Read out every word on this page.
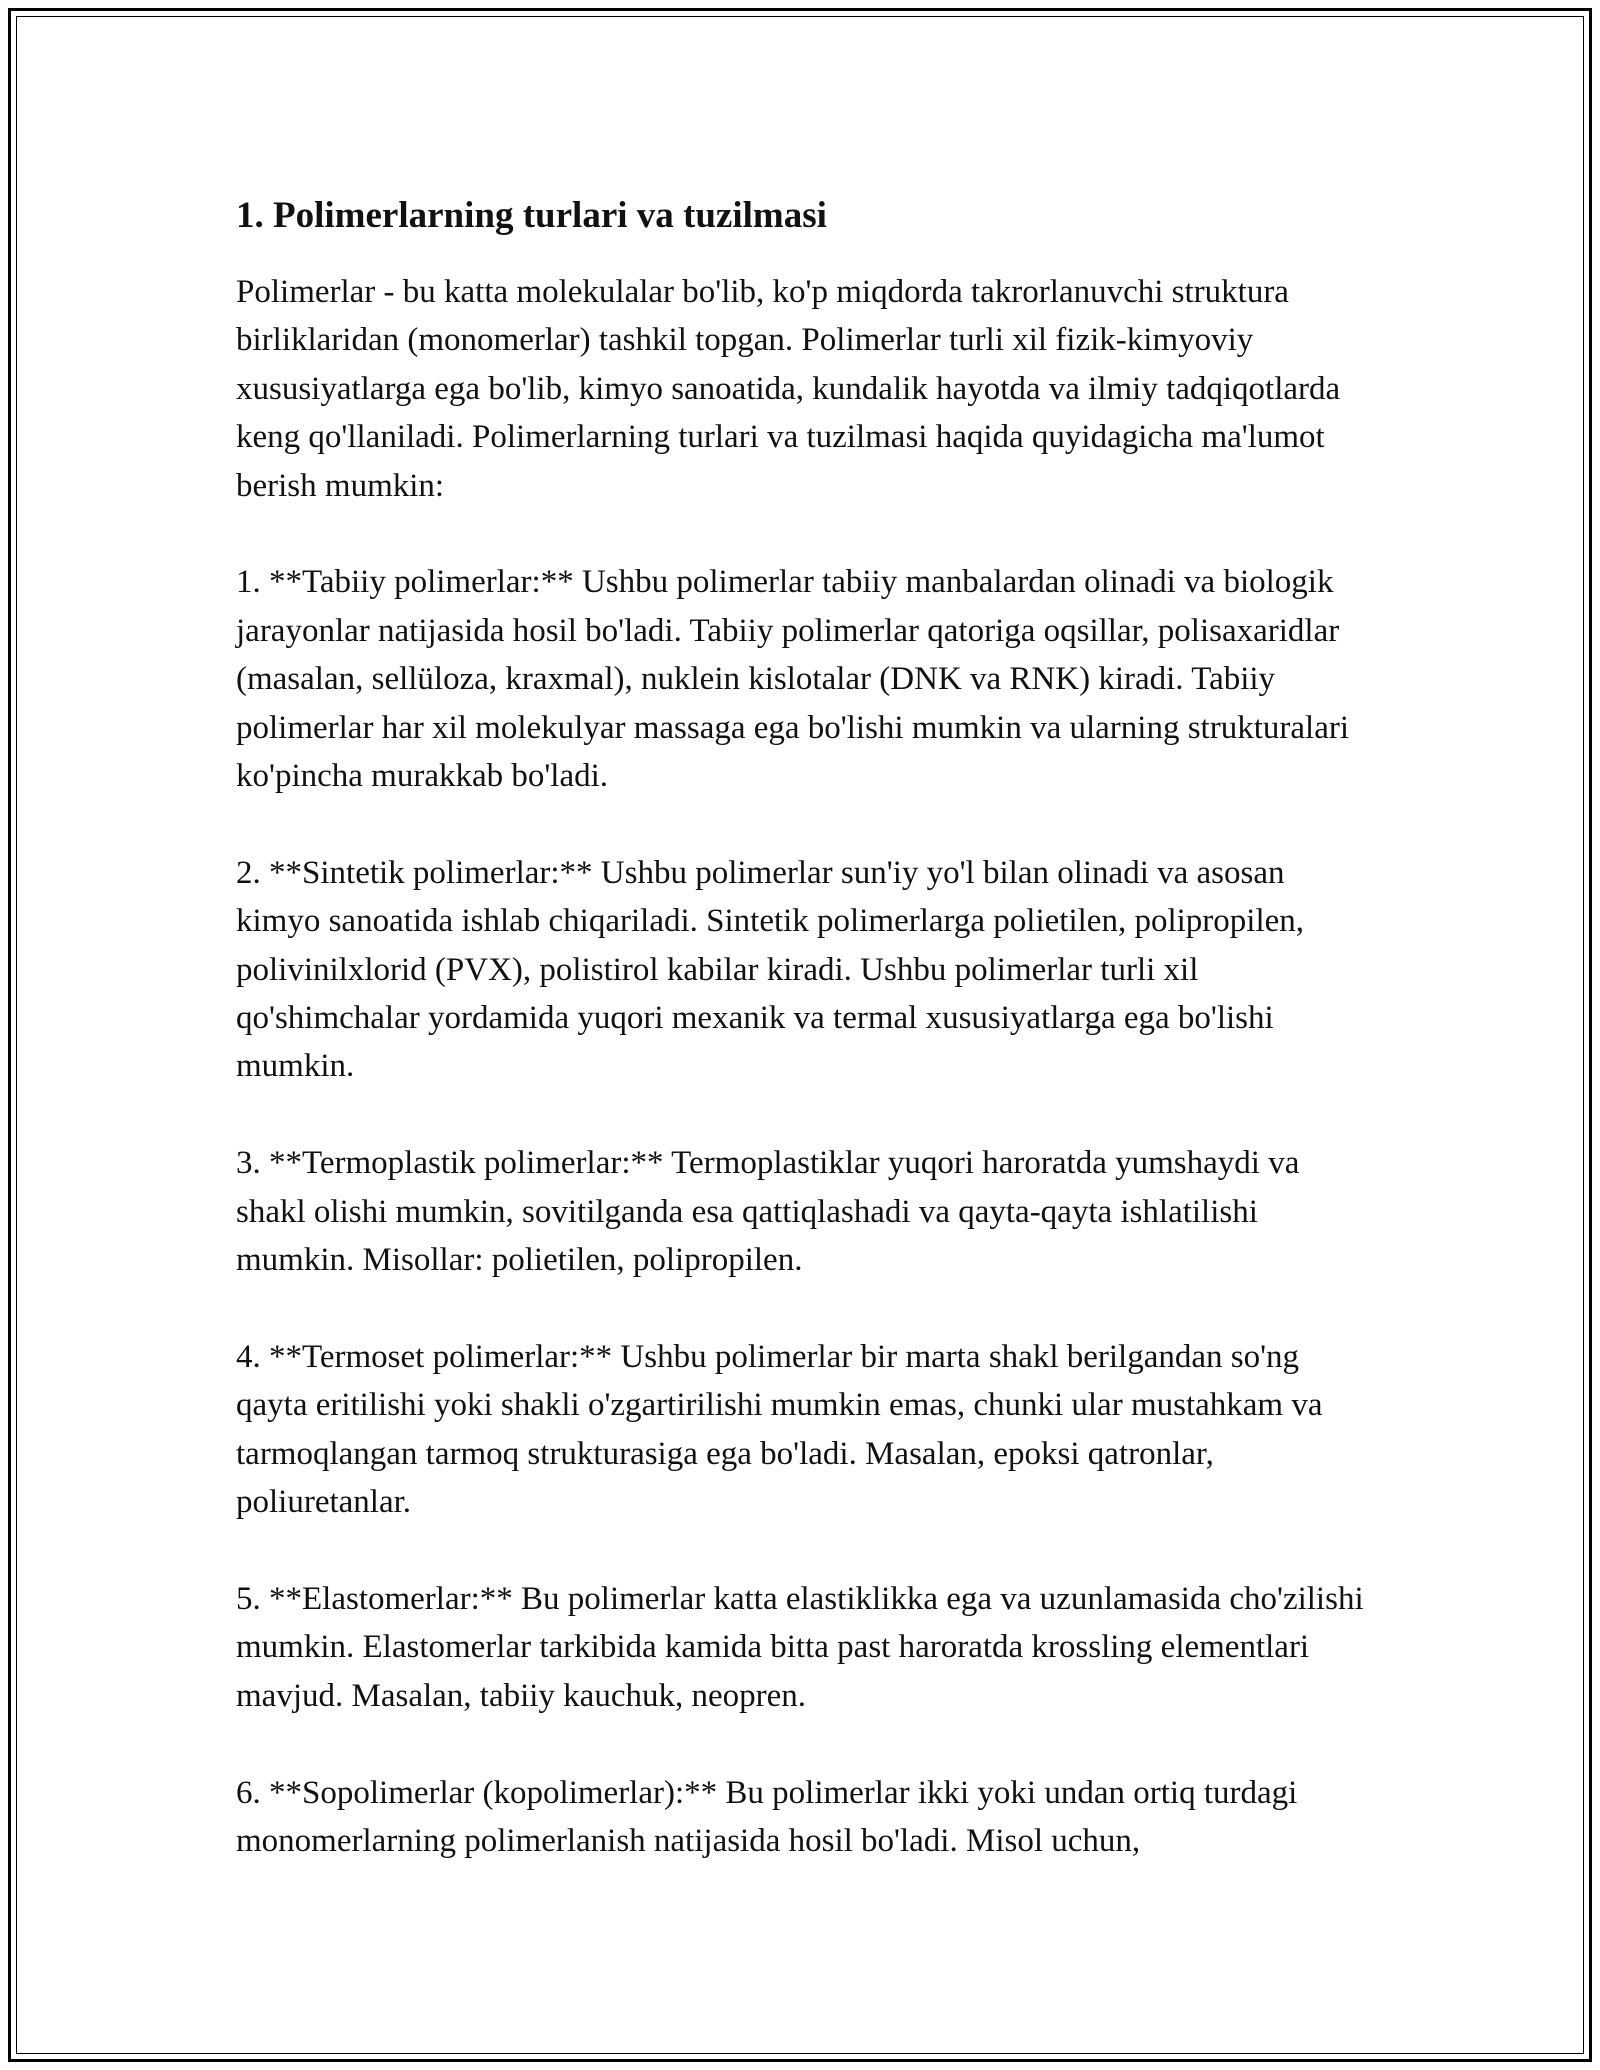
1. Polimerlarning turlari va tuzilmasi

Polimerlar - bu katta molekulalar bo'lib, ko'p miqdorda takrorlanuvchi struktura birliklaridan (monomerlar) tashkil topgan. Polimerlar turli xil fizik-kimyoviy xususiyatlarga ega bo'lib, kimyo sanoatida, kundalik hayotda va ilmiy tadqiqotlarda keng qo'llaniladi. Polimerlarning turlari va tuzilmasi haqida quyidagicha ma'lumot berish mumkin:

1. **Tabiiy polimerlar:** Ushbu polimerlar tabiiy manbalardan olinadi va biologik jarayonlar natijasida hosil bo'ladi. Tabiiy polimerlar qatoriga oqsillar, polisaxaridlar (masalan, sellüloza, kraxmal), nuklein kislotalar (DNK va RNK) kiradi. Tabiiy polimerlar har xil molekulyar massaga ega bo'lishi mumkin va ularning strukturalari ko'pincha murakkab bo'ladi.

2. **Sintetik polimerlar:** Ushbu polimerlar sun'iy yo'l bilan olinadi va asosan kimyo sanoatida ishlab chiqariladi. Sintetik polimerlarga polietilen, polipropilen, polivinilxlorid (PVX), polistirol kabilar kiradi. Ushbu polimerlar turli xil qo'shimchalar yordamida yuqori mexanik va termal xususiyatlarga ega bo'lishi mumkin.

3. **Termoplastik polimerlar:** Termoplastiklar yuqori haroratda yumshaydi va shakl olishi mumkin, sovitilganda esa qattiqlashadi va qayta-qayta ishlatilishi mumkin. Misollar: polietilen, polipropilen.

4. **Termoset polimerlar:** Ushbu polimerlar bir marta shakl berilgandan so'ng qayta eritilishi yoki shakli o'zgartirilishi mumkin emas, chunki ular mustahkam va tarmoqlangan tarmoq strukturasiga ega bo'ladi. Masalan, epoksi qatronlar, poliuretanlar.

5. **Elastomerlar:** Bu polimerlar katta elastiklikka ega va uzunlamasida cho'zilishi mumkin. Elastomerlar tarkibida kamida bitta past haroratda krossling elementlari mavjud. Masalan, tabiiy kauchuk, neopren.

6. **Sopolimerlar (kopolimerlar):** Bu polimerlar ikki yoki undan ortiq turdagi monomerlarning polimerlanish natijasida hosil bo'ladi. Misol uchun,
